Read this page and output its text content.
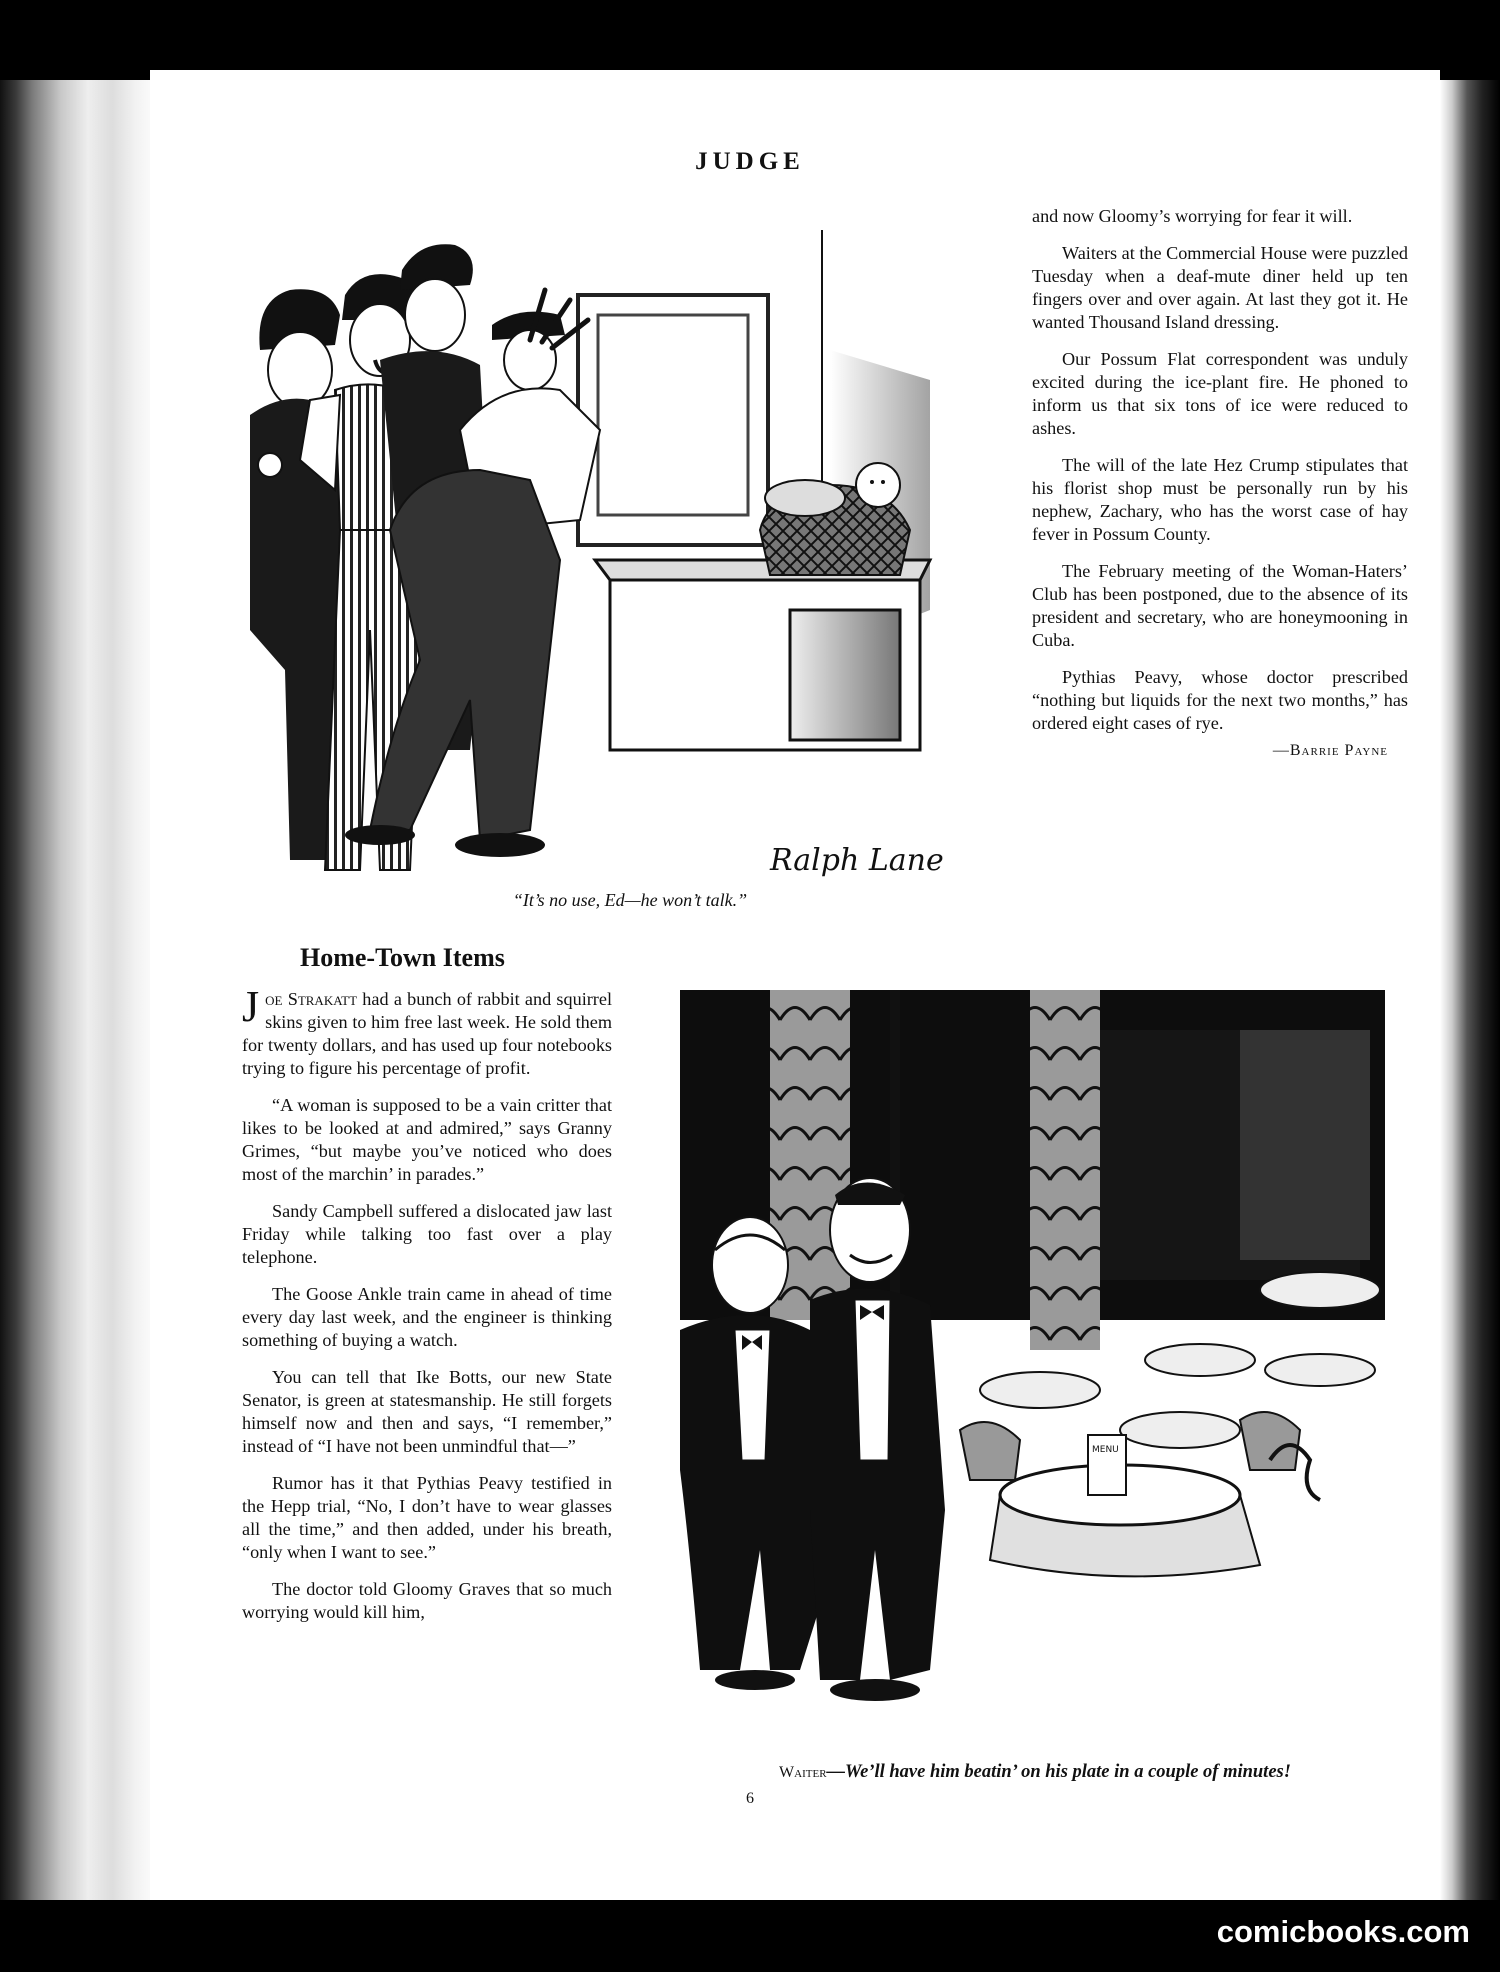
JUDGE
Ralph Lane
“It’s no use, Ed—he won’t talk.”

and now Gloomy’s worrying for fear it will.

Waiters at the Commercial House were puzzled Tuesday when a deaf-mute diner held up ten fingers over and over again. At last they got it. He wanted Thousand Island dressing.

Our Possum Flat correspondent was unduly excited during the ice-plant fire. He phoned to inform us that six tons of ice were reduced to ashes.

The will of the late Hez Crump stipulates that his florist shop must be personally run by his nephew, Zachary, who has the worst case of hay fever in Possum County.

The February meeting of the Woman-Haters’ Club has been postponed, due to the absence of its president and secretary, who are honeymooning in Cuba.

Pythias Peavy, whose doctor prescribed “nothing but liquids for the next two months,” has ordered eight cases of rye.

—Barrie Payne
Home-Town Items

Joe Strakatt had a bunch of rabbit and squirrel skins given to him free last week. He sold them for twenty dollars, and has used up four notebooks trying to figure his percentage of profit.

“A woman is supposed to be a vain critter that likes to be looked at and admired,” says Granny Grimes, “but maybe you’ve noticed who does most of the marchin’ in parades.”

Sandy Campbell suffered a dislocated jaw last Friday while talking too fast over a play telephone.

The Goose Ankle train came in ahead of time every day last week, and the engineer is thinking something of buying a watch.

You can tell that Ike Botts, our new State Senator, is green at statesmanship. He still forgets himself now and then and says, “I remember,” instead of “I have not been unmindful that—”

Rumor has it that Pythias Peavy testified in the Hepp trial, “No, I don’t have to wear glasses all the time,” and then added, under his breath, “only when I want to see.”

The doctor told Gloomy Graves that so much worrying would kill him,

MENU
Waiter—We’ll have him beatin’ on his plate in a couple of minutes!
6
comicbooks.com
